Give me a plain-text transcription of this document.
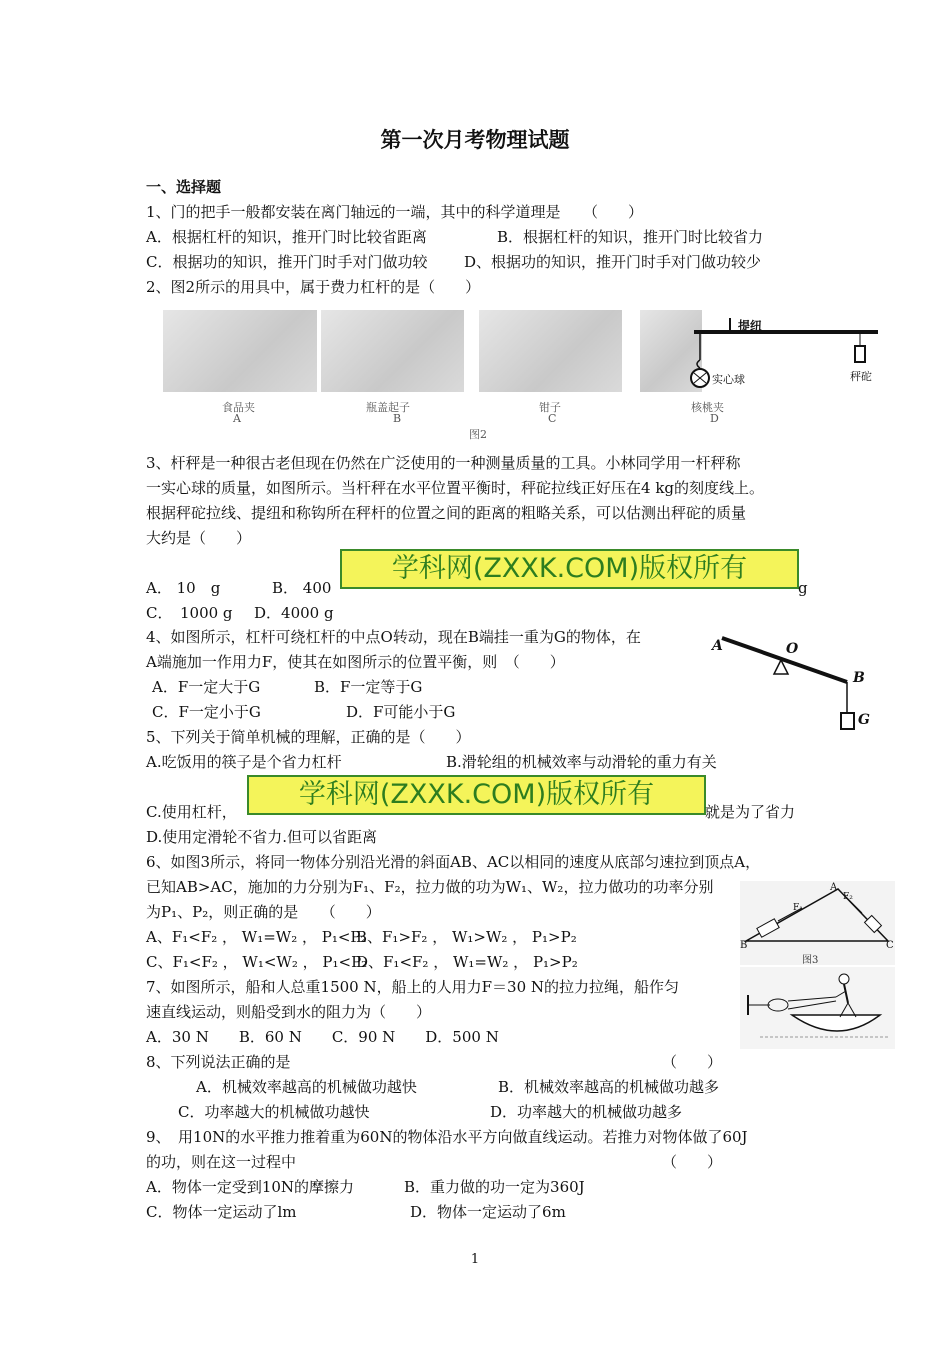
第一次月考物理试题
一、选择题
1、门的把手一般都安装在离门轴远的一端，其中的科学道理是　　（　　）
A．根据杠杆的知识，推开门时比较省距离	B．根据杠杆的知识，推开门时比较省力
C．根据功的知识，推开门时手对门做功较 D、根据功的知识，推开门时手对门做功较少
2、图2所示的用具中，属于费力杠杆的是（　　）
提纽
实心球	秤砣
食品夹	瓶盖起子	钳子	核桃夹
A	B	C	D
图2
3、杆秤是一种很古老但现在仍然在广泛使用的一种测量质量的工具。小林同学用一杆秤称
一实心球的质量，如图所示。当杆秤在水平位置平衡时，秤砣拉线正好压在4 kg的刻度线上。
根据秤砣拉线、提纽和称钩所在秤杆的位置之间的距离的粗略关系，可以估测出秤砣的质量
大约是（　　）
A． 10　g	B． 400
学科网(ZXXK.COM)版权所有
g
C．　1000 g D．4000 g
4、如图所示，杠杆可绕杠杆的中点O转动，现在B端挂一重为G的物体，在
A端施加一作用力F，使其在如图所示的位置平衡，则　（　　）
A．F一定大于G	B．F一定等于G
C．F一定小于G	D．F可能小于G
A	O
B
G
5、下列关于简单机械的理解，正确的是（　　）
A.吃饭用的筷子是个省力杠杆	B.滑轮组的机械效率与动滑轮的重力有关
C.使用杠杆，
学科网(ZXXK.COM)版权所有
就是为了省力
D.使用定滑轮不省力.但可以省距离
6、如图3所示，将同一物体分别沿光滑的斜面AB、AC以相同的速度从底部匀速拉到顶点A，
已知AB>AC，施加的力分别为F₁、F₂，拉力做的功为W₁、W₂，拉力做功的功率分别
为P₁、P₂，则正确的是　　（　　）
A、F₁<F₂ ， W₁=W₂ ， P₁<P₂
B、F₁>F₂ ， W₁>W₂ ， P₁>P₂
C、F₁<F₂ ， W₁<W₂ ， P₁<P₂
D、F₁<F₂ ， W₁=W₂ ， P₁>P₂
A
B	C
F₁
F₂
图3
7、如图所示，船和人总重1500 N，船上的人用力F＝30 N的拉力拉绳，船作匀
速直线运动，则船受到水的阻力为（　　）
A．30 N　　B．60 N　　C．90 N　　D．500 N
8、下列说法正确的是	（　　）
A．机械效率越高的机械做功越快	B．机械效率越高的机械做功越多
C．功率越大的机械做功越快	D．功率越大的机械做功越多
9、　用10N的水平推力推着重为60N的物体沿水平方向做直线运动。若推力对物体做了60J
的功，则在这一过程中	（　　）
A．物体一定受到10N的摩擦力	B．重力做的功一定为360J
C．物体一定运动了lm	D．物体一定运动了6m
1
